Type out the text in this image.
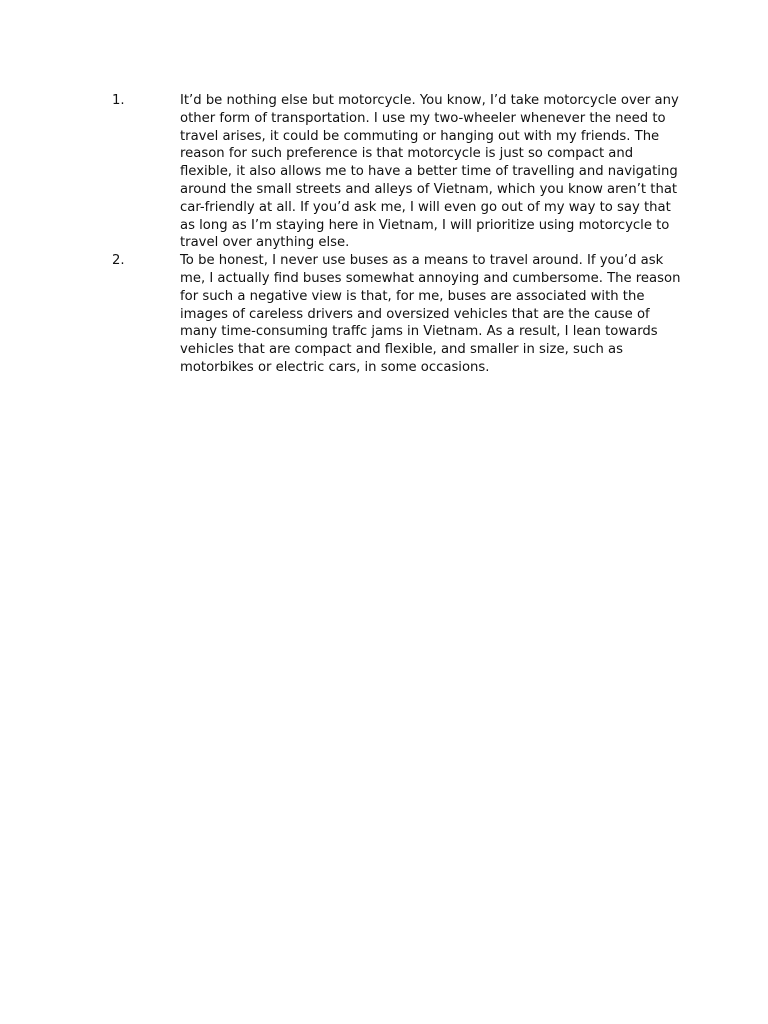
1.	It’d be nothing else but motorcycle. You know, I’d take motorcycle over any other form of transportation. I use my two-wheeler whenever the need to travel arises, it could be commuting or hanging out with my friends. The reason for such preference is that motorcycle is just so compact and flexible, it also allows me to have a better time of travelling and navigating around the small streets and alleys of Vietnam, which you know aren’t that car-friendly at all. If you’d ask me, I will even go out of my way to say that as long as I’m staying here in Vietnam, I will prioritize using motorcycle to travel over anything else.

2.	To be honest, I never use buses as a means to travel around. If you’d ask me, I actually find buses somewhat annoying and cumbersome. The reason for such a negative view is that, for me, buses are associated with the images of careless drivers and oversized vehicles that are the cause of many time-consuming traffc jams in Vietnam. As a result, I lean towards vehicles that are compact and flexible, and smaller in size, such as motorbikes or electric cars, in some occasions.
